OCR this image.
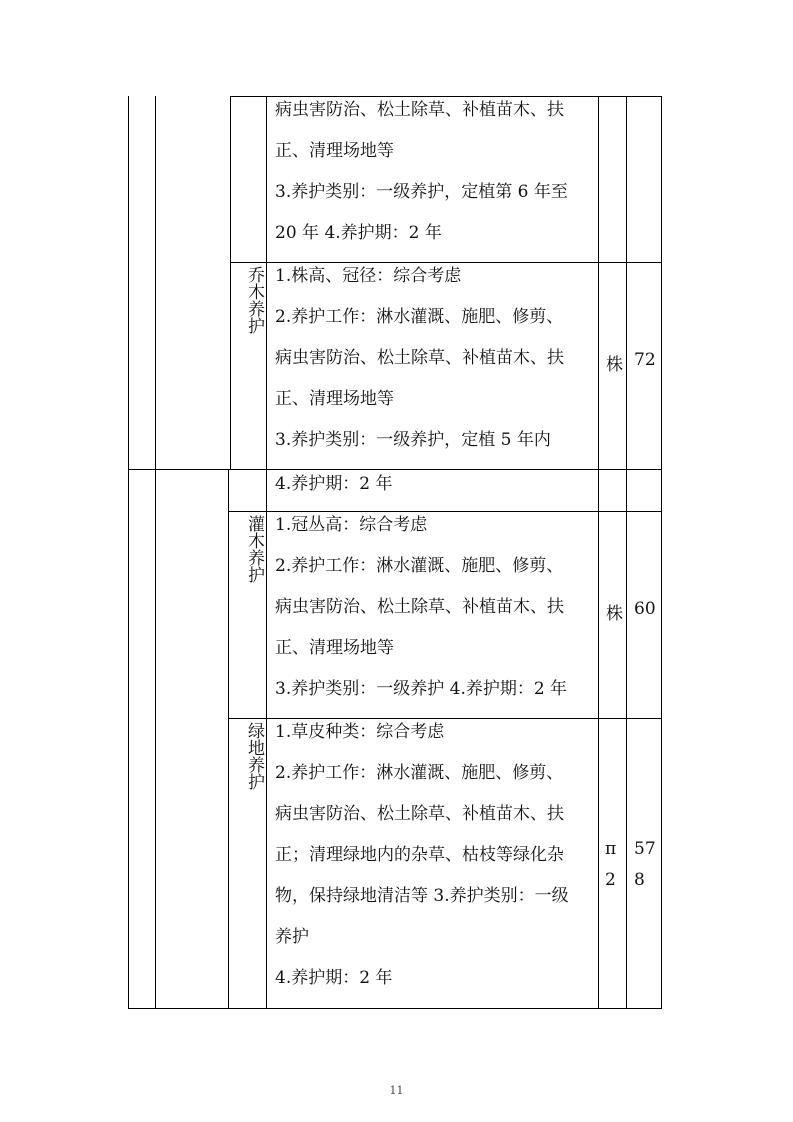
病虫害防治、松土除草、补植苗木、扶
正、清理场地等
3.养护类别：一级养护，定植第 6 年至
20 年 4.养护期：2 年
乔木养护
1.株高、冠径：综合考虑
2.养护工作：淋水灌溉、施肥、修剪、
病虫害防治、松土除草、补植苗木、扶
正、清理场地等
3.养护类别：一级养护，定植 5 年内
株 72
4.养护期：2 年
灌木养护
1.冠丛高：综合考虑
2.养护工作：淋水灌溉、施肥、修剪、
病虫害防治、松土除草、补植苗木、扶
正、清理场地等
3.养护类别：一级养护 4.养护期：2 年
株 60
绿地养护
1.草皮种类：综合考虑
2.养护工作：淋水灌溉、施肥、修剪、
病虫害防治、松土除草、补植苗木、扶
正；清理绿地内的杂草、枯枝等绿化杂
物，保持绿地清洁等 3.养护类别：一级
养护
4.养护期：2 年
π
2
57
8
11
